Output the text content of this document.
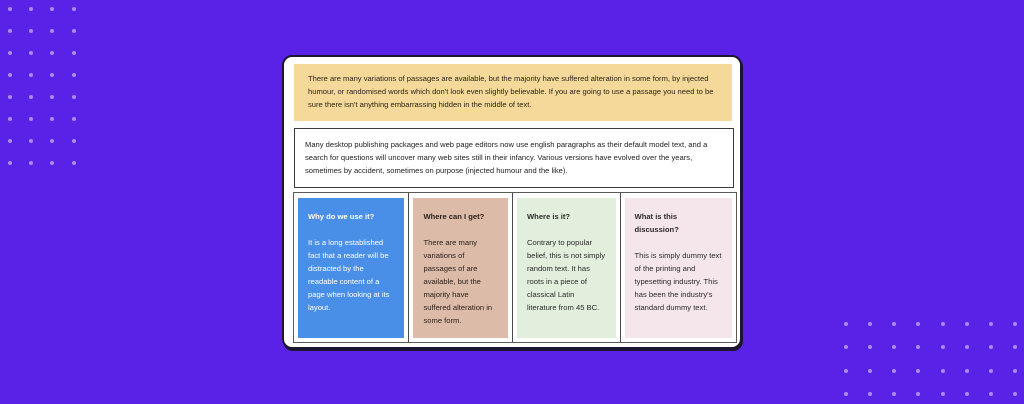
There are many variations of passages are available, but the majority have suffered alteration in some form, by injected humour, or randomised words which don't look even slightly believable. If you are going to use a passage you need to be sure there isn't anything embarrassing hidden in the middle of text.

Many desktop publishing packages and web page editors now use english paragraphs as their default model text, and a search for questions will uncover many web sites still in their infancy. Various versions have evolved over the years, sometimes by accident, sometimes on purpose (injected humour and the like).

Why do we use it?
It is a long established fact that a reader will be distracted by the readable content of a page when looking at its layout.
Where can I get?
There are many variations of passages of are available, but the majority have suffered alteration in some form.
Where is it?
Contrary to popular belief, this is not simply random text. It has roots in a piece of classical Latin literature from 45 BC.
What is this discussion?
This is simply dummy text of the printing and typesetting industry. This has been the industry's standard dummy text.
